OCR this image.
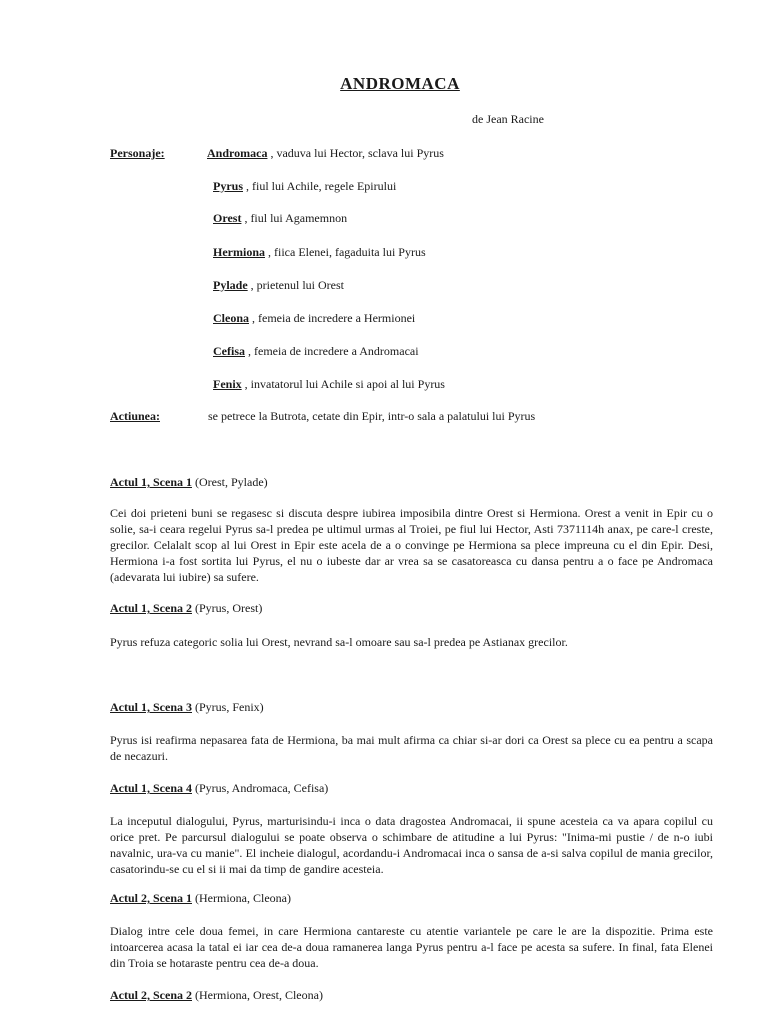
ANDROMACA
de Jean Racine
Personaje:	Andromaca , vaduva lui Hector, sclava lui Pyrus
Pyrus , fiul lui Achile, regele Epirului
Orest , fiul lui Agamemnon
Hermiona , fiica Elenei, fagaduita lui Pyrus
Pylade , prietenul lui Orest
Cleona , femeia de incredere a Hermionei
Cefisa , femeia de incredere a Andromacai
Fenix , invatatorul lui Achile si apoi al lui Pyrus
Actiunea:	se petrece la Butrota, cetate din Epir, intr-o sala a palatului lui Pyrus
Actul 1, Scena 1 (Orest, Pylade)
Cei doi prieteni buni se regasesc si discuta despre iubirea imposibila dintre Orest si Hermiona. Orest a venit in Epir cu o solie, sa-i ceara regelui Pyrus sa-l predea pe ultimul urmas al Troiei, pe fiul lui Hector, Asti 7371114h anax, pe care-l creste, grecilor. Celalalt scop al lui Orest in Epir este acela de a o convinge pe Hermiona sa plece impreuna cu el din Epir. Desi, Hermiona i-a fost sortita lui Pyrus, el nu o iubeste dar ar vrea sa se casatoreasca cu dansa pentru a o face pe Andromaca (adevarata lui iubire) sa sufere.
Actul 1, Scena 2 (Pyrus, Orest)
Pyrus refuza categoric solia lui Orest, nevrand sa-l omoare sau sa-l predea pe Astianax grecilor.
Actul 1, Scena 3 (Pyrus, Fenix)
Pyrus isi reafirma nepasarea fata de Hermiona, ba mai mult afirma ca chiar si-ar dori ca Orest sa plece cu ea pentru a scapa de necazuri.
Actul 1, Scena 4 (Pyrus, Andromaca, Cefisa)
La inceputul dialogului, Pyrus, marturisindu-i inca o data dragostea Andromacai, ii spune acesteia ca va apara copilul cu orice pret. Pe parcursul dialogului se poate observa o schimbare de atitudine a lui Pyrus: "Inima-mi pustie / de n-o iubi navalnic, ura-va cu manie". El incheie dialogul, acordandu-i Andromacai inca o sansa de a-si salva copilul de mania grecilor, casatorindu-se cu el si ii mai da timp de gandire acesteia.
Actul 2, Scena 1 (Hermiona, Cleona)
Dialog intre cele doua femei, in care Hermiona cantareste cu atentie variantele pe care le are la dispozitie. Prima este intoarcerea acasa la tatal ei iar cea de-a doua ramanerea langa Pyrus pentru a-l face pe acesta sa sufere. In final, fata Elenei din Troia se hotaraste pentru cea de-a doua.
Actul 2, Scena 2 (Hermiona, Orest, Cleona)
